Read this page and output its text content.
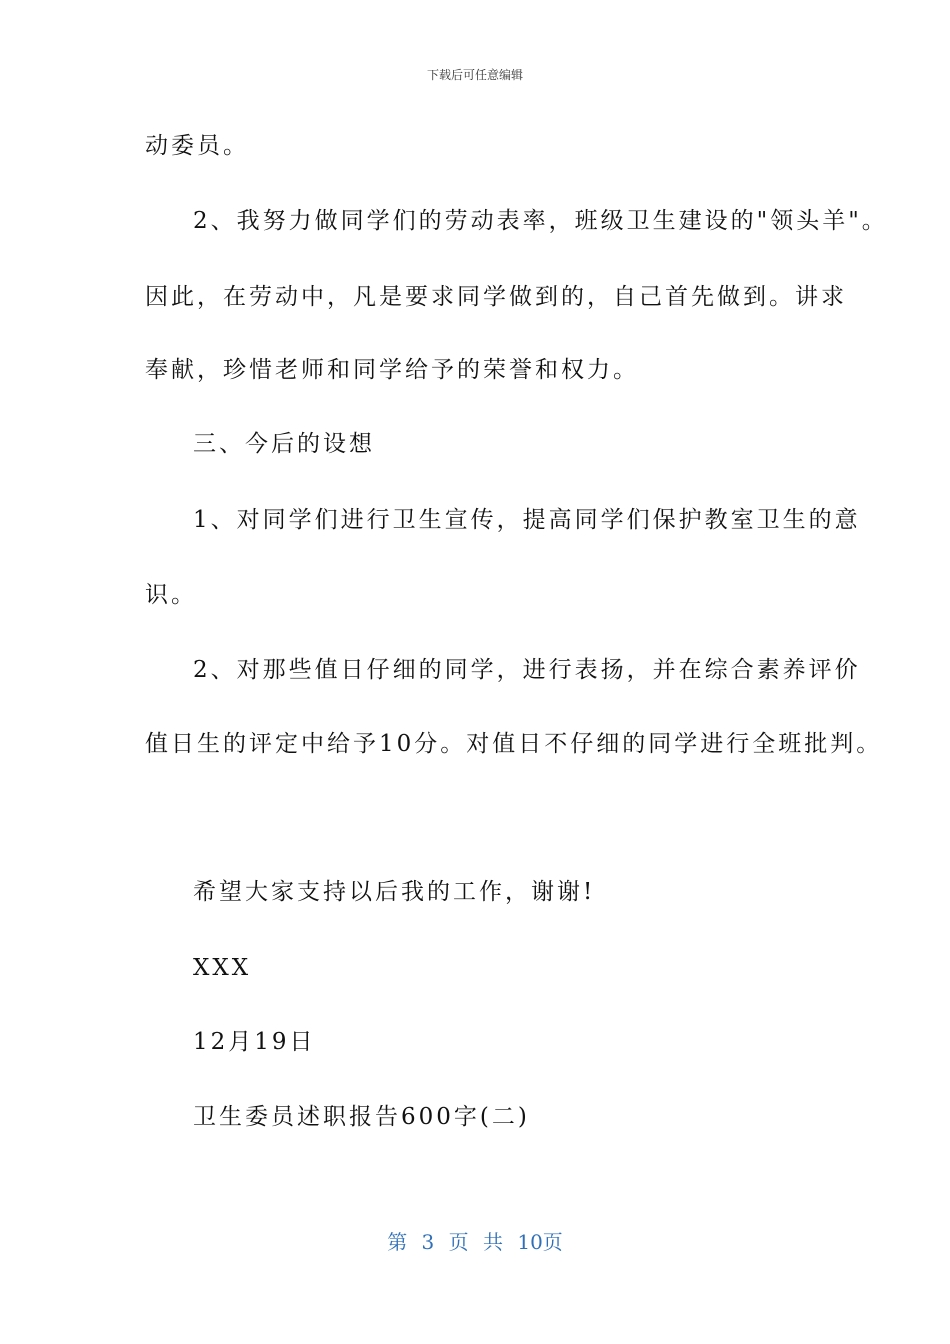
下载后可任意编辑
动委员。
2、我努力做同学们的劳动表率，班级卫生建设的"领头羊"。
因此，在劳动中，凡是要求同学做到的，自己首先做到。讲求
奉献，珍惜老师和同学给予的荣誉和权力。
三、今后的设想
1、对同学们进行卫生宣传，提高同学们保护教室卫生的意
识。
2、对那些值日仔细的同学，进行表扬，并在综合素养评价
值日生的评定中给予10分。对值日不仔细的同学进行全班批判。
希望大家支持以后我的工作，谢谢!
XXX
12月19日
卫生委员述职报告600字(二)
第 3 页 共 10页
